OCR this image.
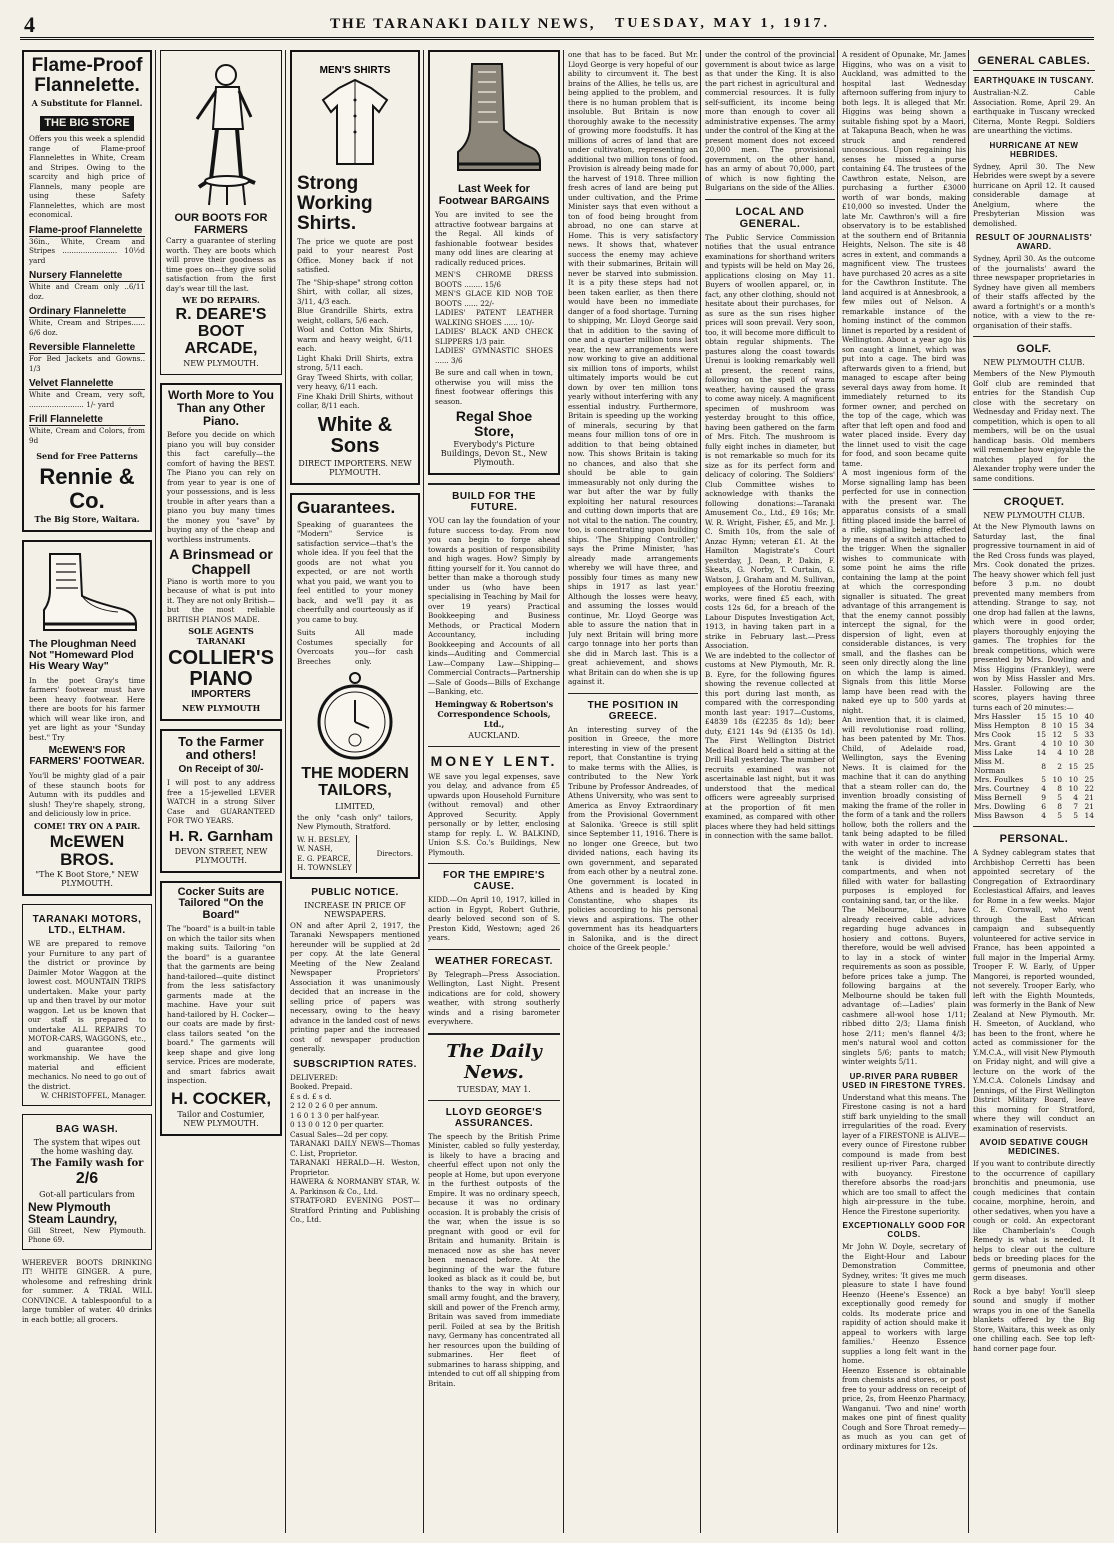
4	THE TARANAKI DAILY NEWS, TUESDAY, MAY 1, 1917.
Flame-Proof Flannelette.
A Substitute for Flannel.
THE BIG STORE
Offers you this week a splendid range of Flame-proof Flannelettes in White, Cream and Stripes. Owing to the scarcity and high price of Flannels, many people are using these Safety Flannelettes, which are most economical.
Flame-proof Flannelette
36in., White, Cream and Stripes ........................ 10½d yard
Nursery Flannelette
White and Cream only ..6/11 doz.
Ordinary Flannelette
White, Cream and Stripes...... 6/6 doz.
Reversible Flannelette
For Bed Jackets and Gowns.. 1/3
Velvet Flannelette
White and Cream, very soft, ........................ 1/- yard
Frill Flannelette
White, Cream and Colors, from 9d
Send for Free Patterns
Rennie & Co.
The Big Store, Waitara.
The Ploughman Need Not "Homeward Plod His Weary Way"
In the poet Gray's time farmers' footwear must have been heavy footwear. Here there are boots for his farmer which will wear like iron, and yet are light as your "Sunday best." Try
McEWEN'S FOR FARMERS' FOOTWEAR.
You'll be mighty glad of a pair of these staunch boots for Autumn with its puddles and slush! They're shapely, strong, and deliciously low in price.
COME! TRY ON A PAIR.
McEWEN BROS.
"The K Boot Store," NEW PLYMOUTH.
TARANAKI MOTORS, LTD., ELTHAM.
WE are prepared to remove your Furniture to any part of the district or province by Daimler Motor Waggon at the lowest cost. MOUNTAIN TRIPS undertaken. Make your party up and then travel by our motor waggon. Let us be known that our staff is prepared to undertake ALL REPAIRS TO MOTOR-CARS, WAGGONS, etc., and guarantee good workmanship. We have the material and efficient mechanics. No need to go out of the district.
W. CHRISTOFFEL, Manager.
BAG WASH.
The system that wipes out the home washing day.
The Family wash for
2/6
Got-all particulars from
New Plymouth Steam Laundry,
Gill Street, New Plymouth. Phone 69.
WHEREVER BOOTS DRINKING IT! WHITE GINGER. A pure, wholesome and refreshing drink for summer. A TRIAL WILL CONVINCE. A tablespoonful to a large tumbler of water. 40 drinks in each bottle; all grocers.
OUR BOOTS FOR FARMERS
Carry a guarantee of sterling worth. They are boots which will prove their goodness as time goes on—they give solid satisfaction from the first day's wear till the last.
WE DO REPAIRS.
R. DEARE'S BOOT ARCADE,
NEW PLYMOUTH.
Worth More to You Than any Other Piano.
Before you decide on which piano you will buy consider this fact carefully—the comfort of having the BEST. The Piano you can rely on from year to year is one of your possessions, and is less trouble in after years than a piano you buy many times the money you "save" by buying any of the cheap and worthless instruments.
A Brinsmead or Chappell
Piano is worth more to you because of what is put into it. They are not only British—but the most reliable BRITISH PIANOS MADE.
SOLE AGENTS TARANAKI
COLLIER'S PIANO
IMPORTERS
NEW PLYMOUTH
To the Farmer and others!
On Receipt of 30/-
I will post to any address free a 15-jewelled LEVER WATCH in a strong Silver Case and GUARANTEED FOR TWO YEARS.
H. R. Garnham
DEVON STREET, NEW PLYMOUTH.
Cocker Suits are Tailored "On the Board"
The "board" is a built-in table on which the tailor sits when making suits. Tailoring "on the board" is a guarantee that the garments are being hand-tailored—quite distinct from the less satisfactory garments made at the machine. Have your suit hand-tailored by H. Cocker—our coats are made by first-class tailors seated "on the board." The garments will keep shape and give long service. Prices are moderate, and smart fabrics await inspection.
H. COCKER,
Tailor and Costumier, NEW PLYMOUTH.
MEN'S SHIRTS
Strong Working Shirts.
The price we quote are post paid to your nearest Post Office. Money back if not satisfied.
The "Ship-shape" strong cotton Shirt, with collar, all sizes, 3/11, 4/3 each.
Blue Grandrille Shirts, extra weight, collars, 5/6 each.
Wool and Cotton Mix Shirts, warm and heavy weight, 6/11 each.
Light Khaki Drill Shirts, extra strong, 5/11 each.
Gray Tweed Shirts, with collar, very heavy, 6/11 each.
Fine Khaki Drill Shirts, without collar, 8/11 each.
White & Sons
DIRECT IMPORTERS. NEW PLYMOUTH.
Guarantees.
Speaking of guarantees the "Modern" Service is satisfaction service—that's the whole idea. If you feel that the goods are not what you expected, or are not worth what you paid, we want you to feel entitled to your money back, and we'll pay it as cheerfully and courteously as if you came to buy.
Suits
Costumes
Overcoats
Breeches
All made specially for you—for cash only.
THE MODERN TAILORS,
LIMITED,
the only "cash only" tailors, New Plymouth, Stratford.
W. H. BESLEY,
W. NASH,
E. G. PEARCE,
H. TOWNSLEY
Directors.
PUBLIC NOTICE.
INCREASE IN PRICE OF NEWSPAPERS.
ON and after April 2, 1917, the Taranaki Newspapers mentioned hereunder will be supplied at 2d per copy. At the late General Meeting of the New Zealand Newspaper Proprietors' Association it was unanimously decided that an increase in the selling price of papers was necessary, owing to the heavy advance in the landed cost of news printing paper and the increased cost of newspaper production generally.
SUBSCRIPTION RATES.
DELIVERED:
Booked. Prepaid.
£ s d. £ s d.
2 12 0 2 6 0 per annum.
1 6 0 1 3 0 per half-year.
0 13 0 0 12 0 per quarter.
Casual Sales—2d per copy.
TARANAKI DAILY NEWS—Thomas C. List, Proprietor.
TARANAKI HERALD—H. Weston, Proprietor.
HAWERA & NORMANBY STAR, W. A. Parkinson & Co., Ltd.
STRATFORD EVENING POST—Stratford Printing and Publishing Co., Ltd.
Last Week for Footwear BARGAINS
You are invited to see the attractive footwear bargains at the Regal. All kinds of fashionable footwear besides many odd lines are clearing at radically reduced prices.
MEN'S CHROME DRESS BOOTS ........ 15/6
MEN'S GLACE KID NOB TOE BOOTS ...... 22/-
LADIES' PATENT LEATHER WALKING SHOES ...... 10/-
LADIES' BLACK AND CHECK SLIPPERS 1/3 pair.
LADIES' GYMNASTIC SHOES ...... 3/6
Be sure and call when in town, otherwise you will miss the finest footwear offerings this season.
Regal Shoe Store,
Everybody's Picture Buildings, Devon St., New Plymouth.
BUILD FOR THE FUTURE.
YOU can lay the foundation of your future success to-day. From now you can begin to forge ahead towards a position of responsibility and high wages. How? Simply by fitting yourself for it. You cannot do better than make a thorough study under us (who have been specialising in Teaching by Mail for over 19 years) Practical Bookkeeping and Business Methods, or Practical Modern Accountancy, including Bookkeeping and Accounts of all kinds—Auditing and Commercial Law—Company Law—Shipping—Commercial Contracts—Partnership—Sale of Goods—Bills of Exchange—Banking, etc.
Hemingway & Robertson's Correspondence Schools, Ltd.,
AUCKLAND.
MONEY LENT.
WE save you legal expenses, save you delay, and advance from £5 upwards upon Household Furniture (without removal) and other Approved Security. Apply personally or by letter, enclosing stamp for reply. L. W. BALKIND, Union S.S. Co.'s Buildings, New Plymouth.
FOR THE EMPIRE'S CAUSE.
KIDD.—On April 10, 1917, killed in action in Egypt, Robert Guthrie, dearly beloved second son of S. Preston Kidd, Westown; aged 26 years.
WEATHER FORECAST.
By Telegraph—Press Association. Wellington, Last Night. Present indications are for cold, showery weather, with strong southerly winds and a rising barometer everywhere.
The Daily News.
TUESDAY, MAY 1.
LLOYD GEORGE'S ASSURANCES.
The speech by the British Prime Minister, cabled so fully yesterday, is likely to have a bracing and cheerful effect upon not only the people at Home, but upon everyone in the furthest outposts of the Empire. It was no ordinary speech, because it was no ordinary occasion. It is probably the crisis of the war, when the issue is so pregnant with good or evil for Britain and humanity. Britain is menaced now as she has never been menaced before. At the beginning of the war the future looked as black as it could be, but thanks to the way in which our small army fought, and the bravery, skill and power of the French army, Britain was saved from immediate peril. Foiled at sea by the British navy, Germany has concentrated all her resources upon the building of submarines. Her fleet of submarines to harass shipping, and intended to cut off all shipping from Britain.
one that has to be faced. But Mr. Lloyd George is very hopeful of our ability to circumvent it. The best brains of the Allies, he tells us, are being applied to the problem, and there is no human problem that is insoluble. But Britain is now thoroughly awake to the necessity of growing more foodstuffs. It has millions of acres of land that are under cultivation, representing an additional two million tons of food. Provision is already being made for the harvest of 1918. Three million fresh acres of land are being put under cultivation, and the Prime Minister says that even without a ton of food being brought from abroad, no one can starve at Home. This is very satisfactory news. It shows that, whatever success the enemy may achieve with their submarines, Britain will never be starved into submission. It is a pity these steps had not been taken earlier, as then there would have been no immediate danger of a food shortage. Turning to shipping, Mr. Lloyd George said that in addition to the saving of one and a quarter million tons last year, the new arrangements were now working to give an additional six million tons of imports, whilst ultimately imports would be cut down by over ten million tons yearly without interfering with any essential industry. Furthermore, Britain is speeding up the working of minerals, securing by that means four million tons of ore in addition to that being obtained now. This shows Britain is taking no chances, and also that she should be able to gain immeasurably not only during the war but after the war by fully exploiting her natural resources and cutting down imports that are not vital to the nation. The country, too, is concentrating upon building ships. 'The Shipping Controller,' says the Prime Minister, 'has already made arrangements whereby we will have three, and possibly four times as many new ships in 1917 as last year.' Although the losses were heavy, and assuming the losses would continue, Mr. Lloyd George was able to assure the nation that in July next Britain will bring more cargo tonnage into her ports than she did in March last. This is a great achievement, and shows what Britain can do when she is up against it.
THE POSITION IN GREECE.
An interesting survey of the position in Greece, the more interesting in view of the present report, that Constantine is trying to make terms with the Allies, is contributed to the New York Tribune by Professor Andreades, of Athens University, who was sent to America as Envoy Extraordinary from the Provisional Government at Salonika. 'Greece is still split since September 11, 1916. There is no longer one Greece, but two divided nations, each having its own government, and separated from each other by a neutral zone. One government is located in Athens and is headed by King Constantine, who shapes its policies according to his personal views and aspirations. The other government has its headquarters in Salonika, and is the direct choice of the Greek people.'
under the control of the provincial government is about twice as large as that under the King. It is also the part richest in agricultural and commercial resources. It is fully self-sufficient, its income being more than enough to cover all administrative expenses. The army under the control of the King at the present moment does not exceed 20,000 men. The provisional government, on the other hand, has an army of about 70,000, part of which is now fighting the Bulgarians on the side of the Allies.
LOCAL AND GENERAL.
The Public Service Commission notifies that the usual entrance examinations for shorthand writers and typists will be held on May 26, applications closing on May 11. Buyers of woollen apparel, or, in fact, any other clothing, should not hesitate about their purchases, for as sure as the sun rises higher prices will soon prevail. Very soon, too, it will become more difficult to obtain regular shipments. The pastures along the coast towards Urenui is looking remarkably well at present, the recent rains, following on the spell of warm weather, having caused the grass to come away nicely. A magnificent specimen of mushroom was yesterday brought to this office, having been gathered on the farm of Mrs. Fitch. The mushroom is fully eight inches in diameter, but is not remarkable so much for its size as for its perfect form and delicacy of coloring. The Soldiers' Club Committee wishes to acknowledge with thanks the following donations:—Taranaki Amusement Co., Ltd., £9 16s; Mr. W. R. Wright, Fisher, £5, and Mr. J. C. Smith 10s, from the sale of Anzac Hymn; veteran £1. At the Hamilton Magistrate's Court yesterday, J. Dean, P. Dakin, F. Skeats, G. Norby, T. Curtain, G. Watson, J. Graham and M. Sullivan, employees of the Horotiu freezing works, were fined £5 each, with costs 12s 6d, for a breach of the Labour Disputes Investigation Act, 1913, in having taken part in a strike in February last.—Press Association.
We are indebted to the collector of customs at New Plymouth, Mr. R. B. Eyre, for the following figures showing the revenue collected at this port during last month, as compared with the corresponding month last year: 1917—Customs, £4839 18s (£2235 8s 1d); beer duty, £121 14s 9d (£135 0s 1d). The First Wellington District Medical Board held a sitting at the Drill Hall yesterday. The number of recruits examined was not ascertainable last night, but it was understood that the medical officers were agreeably surprised at the proportion of fit men examined, as compared with other places where they had held sittings in connection with the same ballot.
A resident of Opunake, Mr. James Higgins, who was on a visit to Auckland, was admitted to the hospital last Wednesday afternoon suffering from injury to both legs. It is alleged that Mr. Higgins was being shown a suitable fishing spot by a Maori, at Takapuna Beach, when he was struck and rendered unconscious. Upon regaining his senses he missed a purse containing £4. The trustees of the Cawthron estate, Nelson, are purchasing a further £3000 worth of war bonds, making £10,000 so invested. Under the late Mr. Cawthron's will a fire observatory is to be established at the southern end of Britannia Heights, Nelson. The site is 48 acres in extent, and commands a magnificent view. The trustees have purchased 20 acres as a site for the Cawthron Institute. The land acquired is at Annesbrook, a few miles out of Nelson. A remarkable instance of the homing instinct of the common linnet is reported by a resident of Wellington. About a year ago his son caught a linnet, which was put into a cage. The bird was afterwards given to a friend, but managed to escape after being several days away from home. It immediately returned to its former owner, and perched on the top of the cage, which was after that left open and food and water placed inside. Every day the linnet used to visit the cage for food, and soon became quite tame.
A most ingenious form of the Morse signalling lamp has been perfected for use in connection with the present war. The apparatus consists of a small fitting placed inside the barrel of a rifle, signalling being effected by means of a switch attached to the trigger. When the signaller wishes to communicate with some point he aims the rifle containing the lamp at the point at which the corresponding signaller is situated. The great advantage of this arrangement is that the enemy cannot possibly intercept the signal, for the dispersion of light, even at considerable distances, is very small, and the flashes can be seen only directly along the line on which the lamp is aimed. Signals from this little Morse lamp have been read with the naked eye up to 500 yards at night.
An invention that, it is claimed, will revolutionise road rolling, has been patented by Mr. Thos. Child, of Adelaide road, Wellington, says the Evening News. It is claimed for the machine that it can do anything that a steam roller can do, the invention broadly consisting of making the frame of the roller in the form of a tank and the rollers hollow, both the rollers and the tank being adapted to be filled with water in order to increase the weight of the machine. The tank is divided into compartments, and when not filled with water for ballasting purposes is employed for containing sand, tar, or the like.
The Melbourne, Ltd., have already received cable advices regarding huge advances in hosiery and cottons. Buyers, therefore, would be well advised to lay in a stock of winter requirements as soon as possible, before prices take a jump. The following bargains at the Melbourne should be taken full advantage of:—Ladies' plain cashmere all-wool hose 1/11; ribbed ditto 2/3; Llama finish hose 2/11; men's flannel 4/3; men's natural wool and cotton singlets 5/6; pants to match; winter weights 5/11.
UP-RIVER PARA RUBBER USED IN FIRESTONE TYRES.
Understand what this means. The Firestone casing is not a hard stiff bark unyielding to the small irregularities of the road. Every layer of a FIRESTONE is ALIVE—every ounce of Firestone rubber compound is made from best resilient up-river Para, charged with buoyancy. Firestone therefore absorbs the road-jars which are too small to affect the high air-pressure in the tube. Hence the Firestone superiority.
EXCEPTIONALLY GOOD FOR COLDS.
Mr John W. Doyle, secretary of the Eight-Hour and Labour Demonstration Committee, Sydney, writes: 'It gives me much pleasure to state I have found Heenzo (Heene's Essence) an exceptionally good remedy for colds. Its moderate price and rapidity of action should make it appeal to workers with large families.' Heenzo Essence supplies a long felt want in the home.
Heenzo Essence is obtainable from chemists and stores, or post free to your address on receipt of price, 2s, from Heenzo Pharmacy, Wanganui. 'Two and nine' worth makes one pint of finest quality Cough and Sore Throat remedy—as much as you can get of ordinary mixtures for 12s.
GENERAL CABLES.
EARTHQUAKE IN TUSCANY.
Australian-N.Z. Cable Association. Rome, April 29. An earthquake in Tuscany wrecked Citerna, Monte Regpi. Soldiers are unearthing the victims.
HURRICANE AT NEW HEBRIDES.
Sydney, April 30. The New Hebrides were swept by a severe hurricane on April 12. It caused considerable damage at Anelgium, where the Presbyterian Mission was demolished.
RESULT OF JOURNALISTS' AWARD.
Sydney, April 30. As the outcome of the journalists' award the three newspaper proprietaries in Sydney have given all members of their staffs affected by the award a fortnight's or a month's notice, with a view to the re-organisation of their staffs.
GOLF.
NEW PLYMOUTH CLUB.
Members of the New Plymouth Golf club are reminded that entries for the Standish Cup close with the secretary on Wednesday and Friday next. The competition, which is open to all members, will be on the usual handicap basis. Old members will remember how enjoyable the matches played for the Alexander trophy were under the same conditions.
CROQUET.
NEW PLYMOUTH CLUB.
At the New Plymouth lawns on Saturday last, the final progressive tournament in aid of the Red Cross funds was played, Mrs. Cook donated the prizes. The heavy shower which fell just before 3 p.m. no doubt prevented many members from attending. Strange to say, not one drop had fallen at the lawns, which were in good order, players thoroughly enjoying the games. The trophies for the break competitions, which were presented by Mrs. Dowling and Miss Higgins (Frankley), were won by Miss Hassler and Mrs. Hassler. Following are the scores, players having three turns each of 20 minutes:—
Mrs Hassler	15	15	10	40
Miss Hempton	8	10	15	34
Mrs Cook	15	12	5	33
Mrs. Grant	4	10	10	30
Miss Lake	14	4	10	28
Miss M. Norman	8	2	15	25
Mrs. Foulkes	5	10	10	25
Mrs. Courtney	4	8	10	22
Miss Bernell	9	5	4	21
Mrs. Dowling	6	8	7	21
Miss Bawson	4	5	5	14
PERSONAL.
A Sydney cablegram states that Archbishop Cerretti has been appointed secretary of the Congregation of Extraordinary Ecclesiastical Affairs, and leaves for Rome in a few weeks. Major C. E. Cornwall, who went through the East African campaign and subsequently volunteered for active service in France, has been appointed a full major in the Imperial Army. Trooper F. W. Early, of Upper Mangorei, is reported wounded, not severely. Trooper Early, who left with the Eighth Mounteds, was formerly in the Bank of New Zealand at New Plymouth. Mr. H. Smeeton, of Auckland, who has been to the front, where he acted as commissioner for the Y.M.C.A., will visit New Plymouth on Friday night, and will give a lecture on the work of the Y.M.C.A. Colonels Lindsay and Jennings, of the First Wellington District Military Board, leave this morning for Stratford, where they will conduct an examination of reservists.
AVOID SEDATIVE COUGH MEDICINES.
If you want to contribute directly to the occurrence of capillary bronchitis and pneumonia, use cough medicines that contain cocaine, morphine, heroin, and other sedatives, when you have a cough or cold. An expectorant like Chamberlain's Cough Remedy is what is needed. It helps to clear out the culture beds or breeding places for the germs of pneumonia and other germ diseases.
Rock a bye baby! You'll sleep sound and snugly if mother wraps you in one of the Sanella blankets offered by the Big Store, Waitara, this week as only one chilling each. See top left-hand corner page four.
